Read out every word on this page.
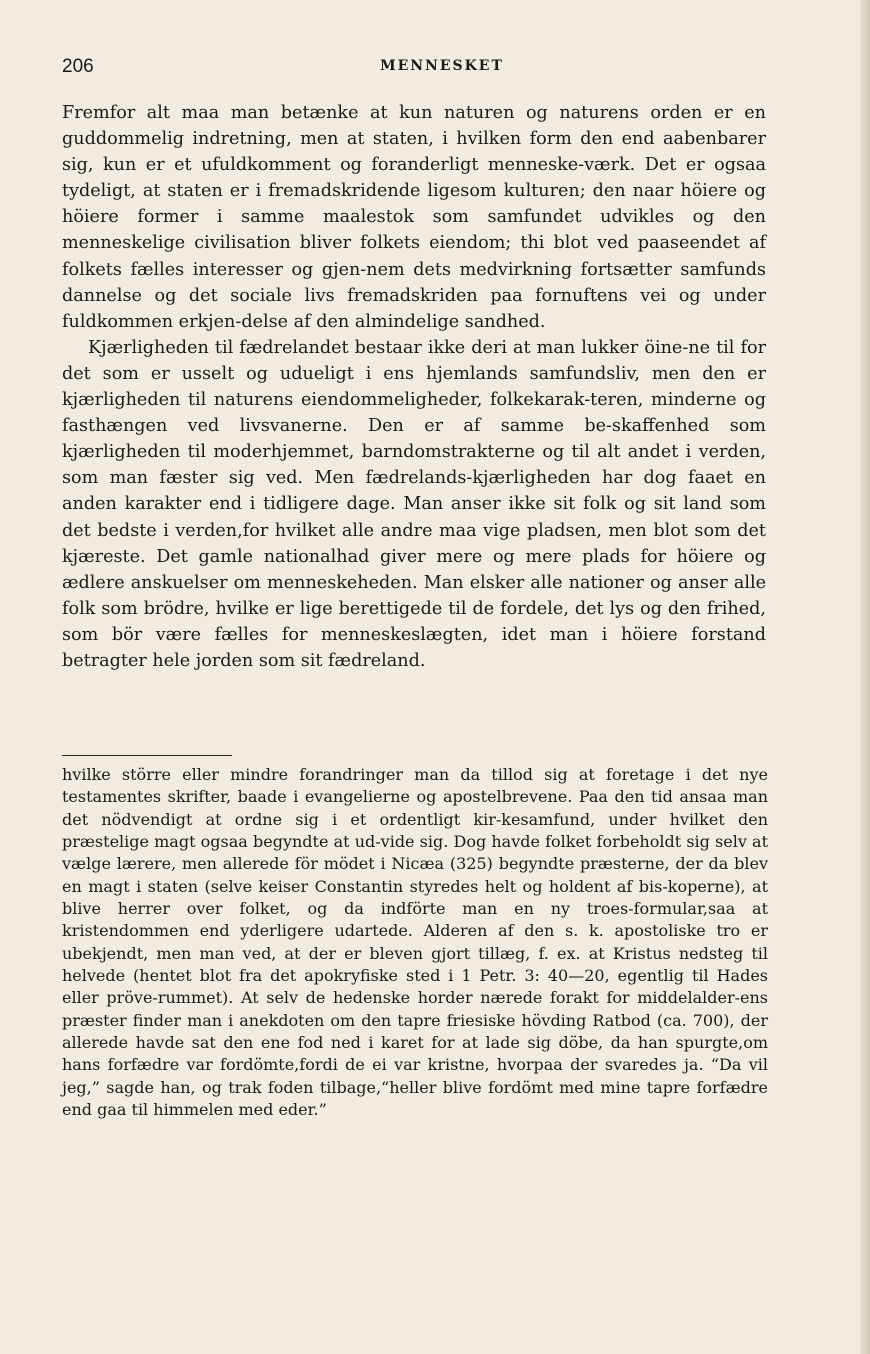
206	MENNESKET

Fremfor alt maa man betænke at kun naturen og naturens orden er en guddommelig indretning, men at staten, i hvilken form den end aabenbarer sig, kun er et ufuldkomment og foranderligt menneske-værk. Det er ogsaa tydeligt, at staten er i fremadskridende ligesom kulturen; den naar höiere og höiere former i samme maalestok som samfundet udvikles og den menneskelige civilisation bliver folkets eiendom; thi blot ved paaseendet af folkets fælles interesser og gjen-nem dets medvirkning fortsætter samfunds dannelse og det sociale livs fremadskriden paa fornuftens vei og under fuldkommen erkjen-delse af den almindelige sandhed.

Kjærligheden til fædrelandet bestaar ikke deri at man lukker öine-ne til for det som er usselt og udueligt i ens hjemlands samfundsliv, men den er kjærligheden til naturens eiendommeligheder, folkekarak-teren, minderne og fasthængen ved livsvanerne. Den er af samme be-skaffenhed som kjærligheden til moderhjemmet, barndomstrakterne og til alt andet i verden, som man fæster sig ved. Men fædrelands-kjærligheden har dog faaet en anden karakter end i tidligere dage. Man anser ikke sit folk og sit land som det bedste i verden,for hvilket alle andre maa vige pladsen, men blot som det kjæreste. Det gamle nationalhad giver mere og mere plads for höiere og ædlere anskuelser om menneskeheden. Man elsker alle nationer og anser alle folk som brödre, hvilke er lige berettigede til de fordele, det lys og den frihed, som bör være fælles for menneskeslægten, idet man i höiere forstand betragter hele jorden som sit fædreland.

hvilke större eller mindre forandringer man da tillod sig at foretage i det nye testamentes skrifter, baade i evangelierne og apostelbrevene. Paa den tid ansaa man det nödvendigt at ordne sig i et ordentligt kir-kesamfund, under hvilket den præstelige magt ogsaa begyndte at ud-vide sig. Dog havde folket forbeholdt sig selv at vælge lærere, men allerede för mödet i Nicæa (325) begyndte præsterne, der da blev en magt i staten (selve keiser Constantin styredes helt og holdent af bis-koperne), at blive herrer over folket, og da indförte man en ny troes-formular,saa at kristendommen end yderligere udartede. Alderen af den s. k. apostoliske tro er ubekjendt, men man ved, at der er bleven gjort tillæg, f. ex. at Kristus nedsteg til helvede (hentet blot fra det apokryfiske sted i 1 Petr. 3: 40—20, egentlig til Hades eller pröve-rummet). At selv de hedenske horder nærede forakt for middelalder-ens præster finder man i anekdoten om den tapre friesiske hövding Ratbod (ca. 700), der allerede havde sat den ene fod ned i karet for at lade sig döbe, da han spurgte,om hans forfædre var fordömte,fordi de ei var kristne, hvorpaa der svaredes ja. “Da vil jeg,” sagde han, og trak foden tilbage,“heller blive fordömt med mine tapre forfædre end gaa til himmelen med eder.”
